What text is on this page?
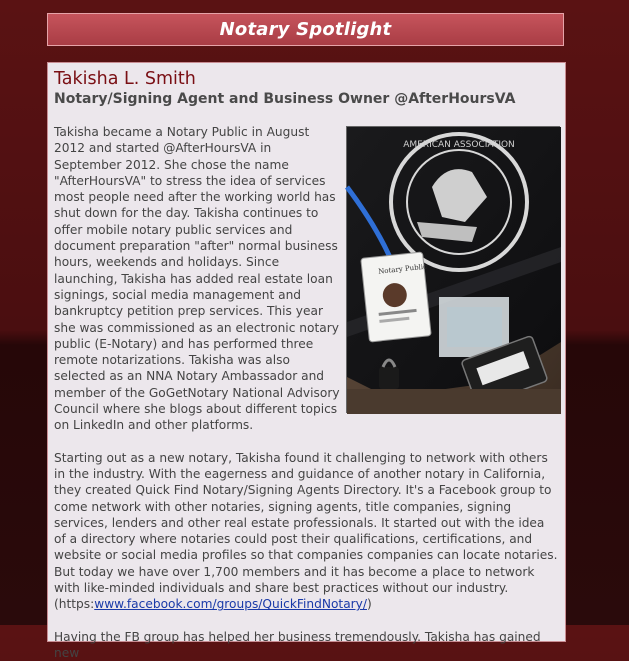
Notary Spotlight
Takisha L. Smith
Notary/Signing Agent and Business Owner @AfterHoursVA

AMERICAN ASSOCIATION
Notary Public
Takisha became a Notary Public in August 2012 and started @AfterHoursVA in September 2012. She chose the name "AfterHoursVA" to stress the idea of services most people need after the working world has shut down for the day. Takisha continues to offer mobile notary public services and document preparation "after" normal business hours, weekends and holidays. Since launching, Takisha has added real estate loan signings, social media management and bankruptcy petition prep services. This year she was commissioned as an electronic notary public (E-Notary) and has performed three remote notarizations. Takisha was also selected as an NNA Notary Ambassador and member of the GoGetNotary National Advisory Council where she blogs about different topics on LinkedIn and other platforms.

Starting out as a new notary, Takisha found it challenging to network with others in the industry. With the eagerness and guidance of another notary in California, they created Quick Find Notary/Signing Agents Directory. It's a Facebook group to come network with other notaries, signing agents, title companies, signing services, lenders and other real estate professionals. It started out with the idea of a directory where notaries could post their qualifications, certifications, and website or social media profiles so that companies companies can locate notaries. But today we have over 1,700 members and it has become a place to network with like-minded individuals and share best practices without our industry. (https:www.facebook.com/groups/QuickFindNotary/)

Having the FB group has helped her business tremendously. Takisha has gained new
